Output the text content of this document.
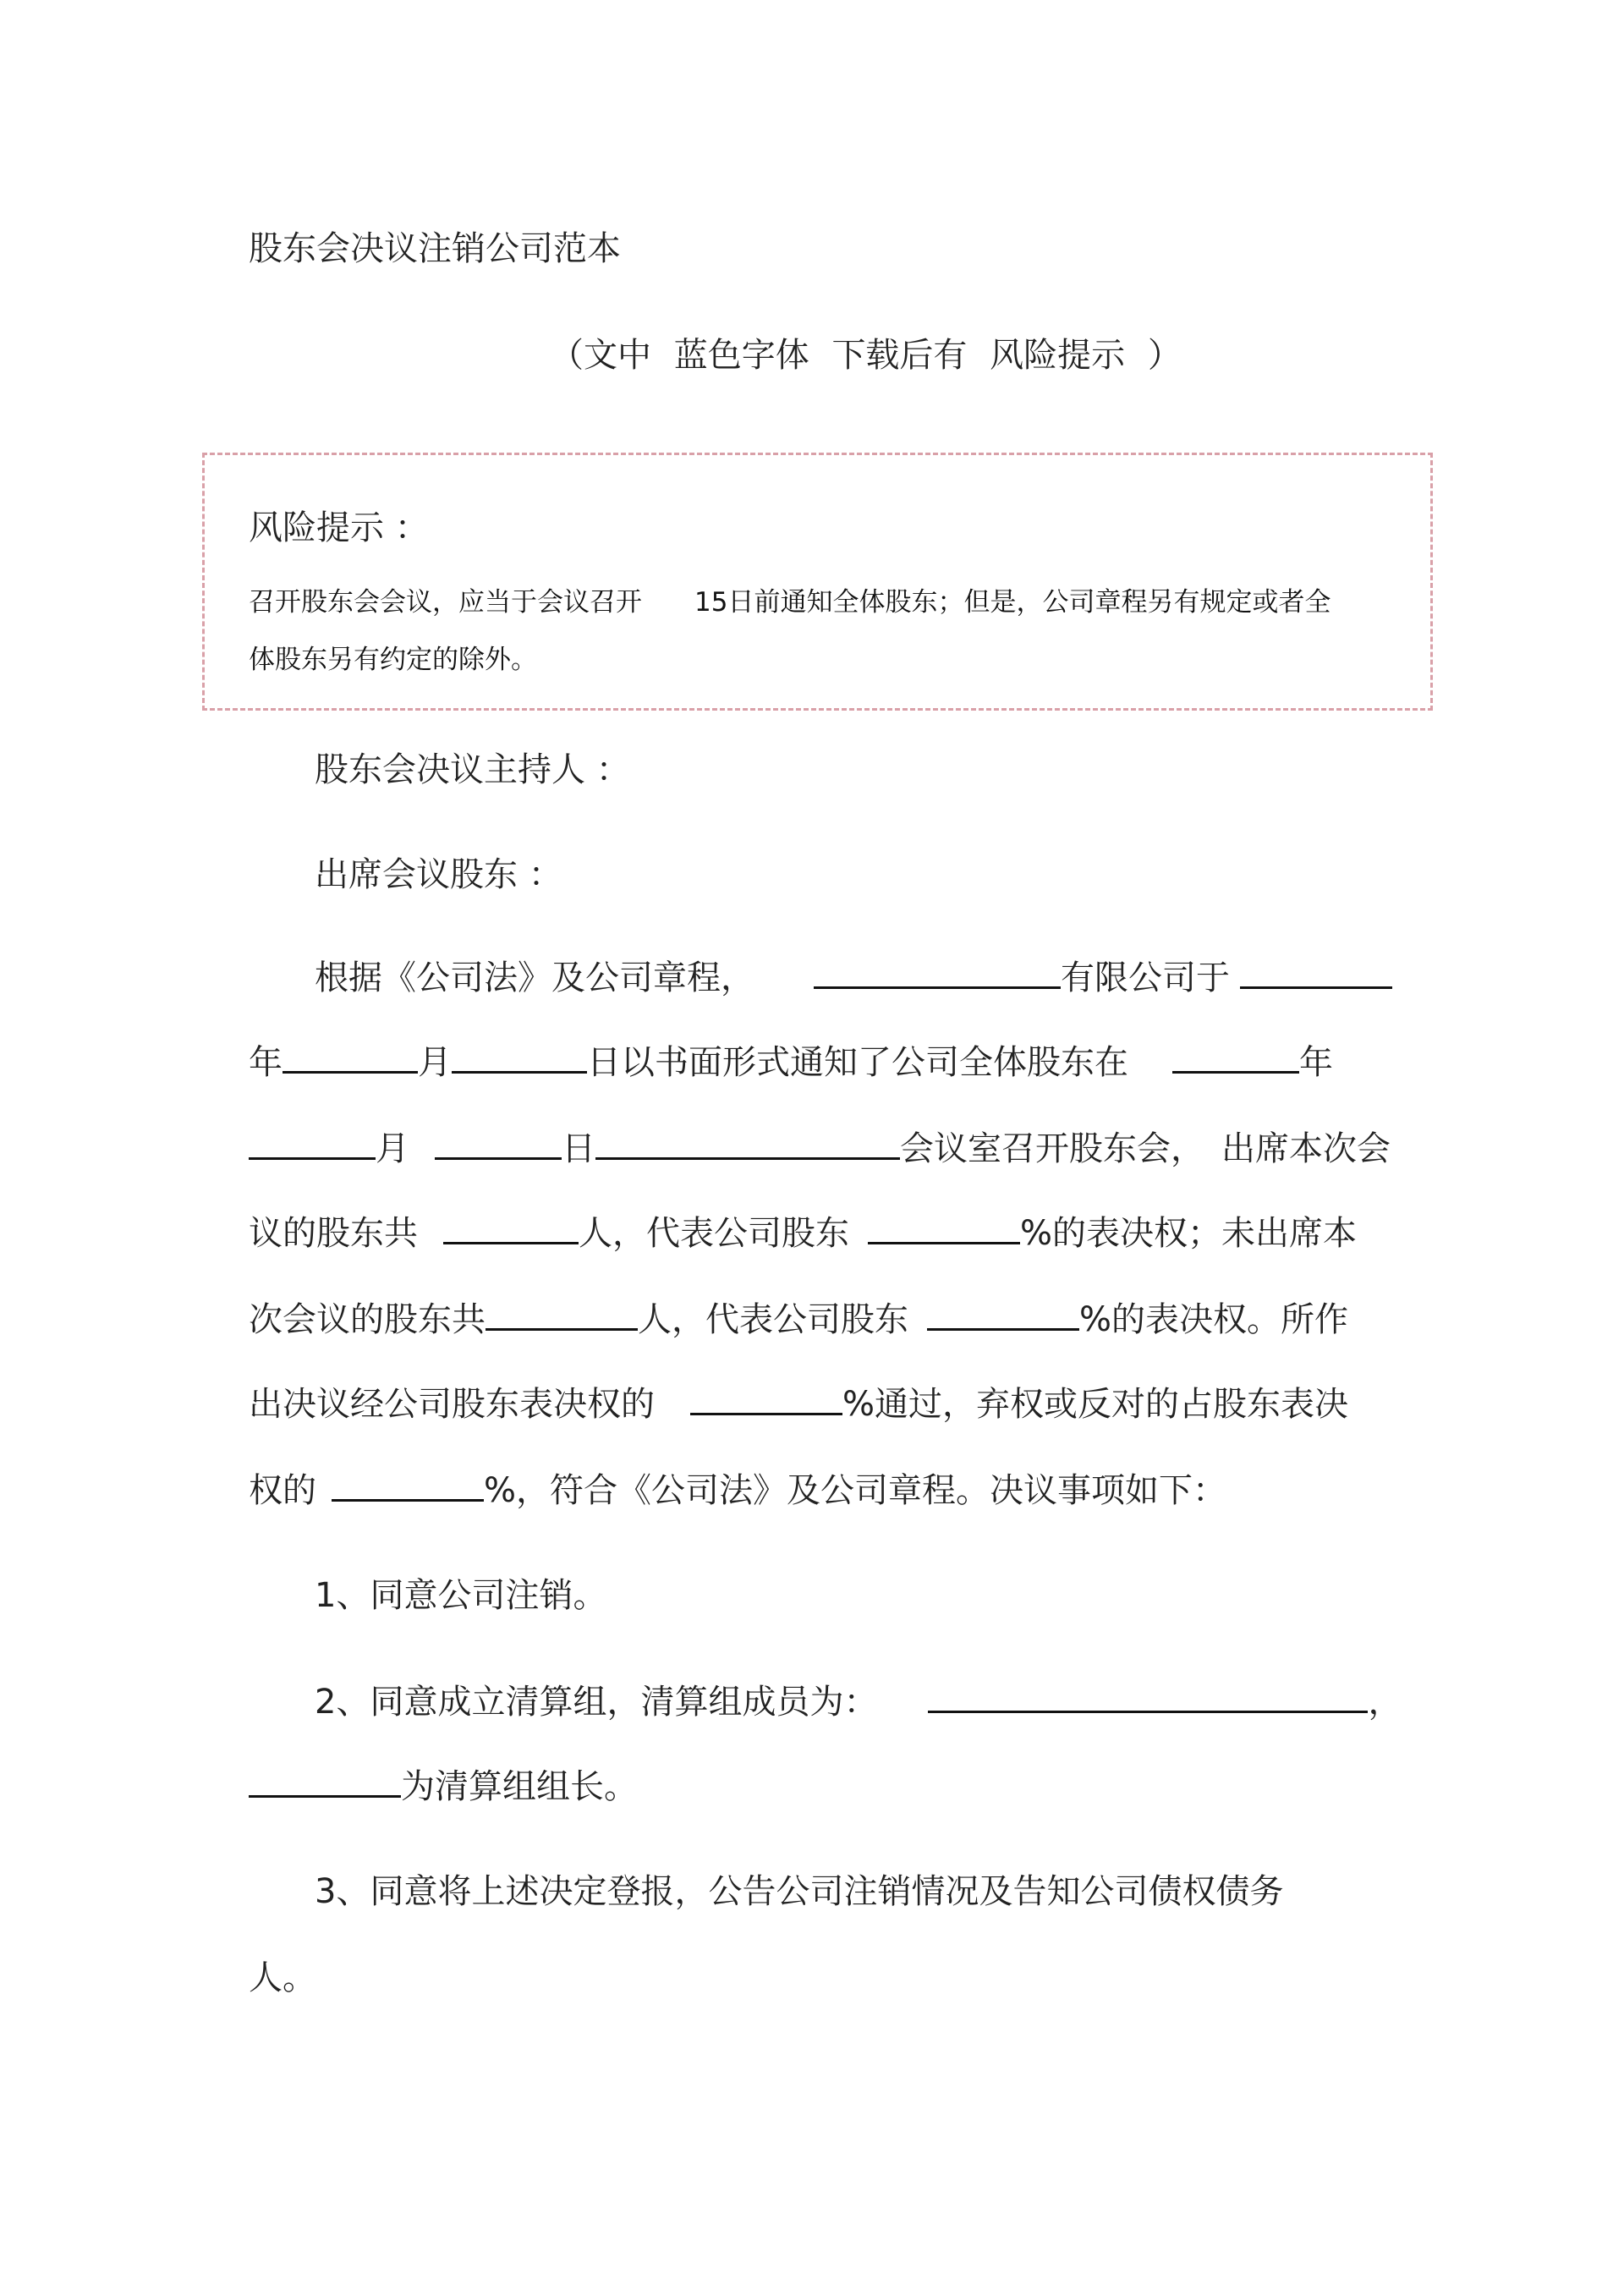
股东会决议注销公司范本
（文中 蓝色字体 下载后有 风险提示 ）
风险提示 ：
召开股东会会议，应当于会议召开　　15日前通知全体股东；但是，公司章程另有规定或者全
体股东另有约定的除外。
股东会决议主持人 ：
出席会议股东 ：
根据《公司法》及公司章程，	有限公司于
年	月	日以书面形式通知了公司全体股东在	年
月	日	会议室召开股东会， 出席本次会
议的股东共	人，代表公司股东	%的表决权；未出席本
次会议的股东共	人，代表公司股东	%的表决权。所作
出决议经公司股东表决权的	%通过，弃权或反对的占股东表决
权的	%，符合《公司法》及公司章程。决议事项如下：
1、同意公司注销。
2、同意成立清算组，清算组成员为：	，
为清算组组长。
3、同意将上述决定登报，公告公司注销情况及告知公司债权债务
人。
